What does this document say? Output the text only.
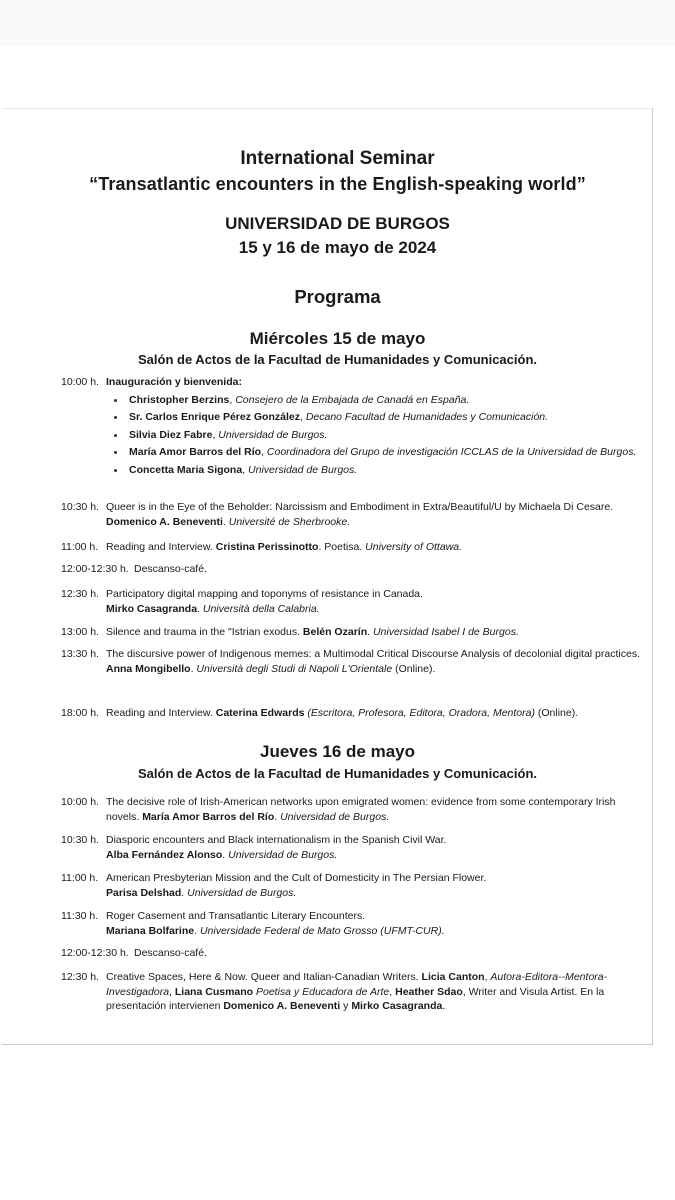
International Seminar
“Transatlantic encounters in the English-speaking world”
UNIVERSIDAD DE BURGOS
15 y 16 de mayo de 2024
Programa
Miércoles 15 de mayo
Salón de Actos de la Facultad de Humanidades y Comunicación.
10:00 h. Inauguración y bienvenida:
Christopher Berzins, Consejero de la Embajada de Canadá en España.
Sr. Carlos Enrique Pérez González, Decano Facultad de Humanidades y Comunicación.
Silvia Diez Fabre, Universidad de Burgos.
María Amor Barros del Río, Coordinadora del Grupo de investigación ICCLAS de la Universidad de Burgos.
Concetta Maria Sigona, Universidad de Burgos.
10:30 h. Queer is in the Eye of the Beholder: Narcissism and Embodiment in Extra/Beautiful/U by Michaela Di Cesare. Domenico A. Beneventi. Université de Sherbrooke.
11:00 h. Reading and Interview. Cristina Perissinotto. Poetisa. University of Ottawa.
12:00-12:30 h. Descanso-café.
12:30 h. Participatory digital mapping and toponyms of resistance in Canada.
Mirko Casagranda. Università della Calabria.
13:00 h. Silence and trauma in the "Istrian exodus. Belén Ozarín. Universidad Isabel I de Burgos.
13:30 h. The discursive power of Indigenous memes: a Multimodal Critical Discourse Analysis of decolonial digital practices. Anna Mongibello. Università degli Studi di Napoli L'Orientale (Online).
18:00 h. Reading and Interview. Caterina Edwards (Escritora, Profesora, Editora, Oradora, Mentora) (Online).
Jueves 16 de mayo
Salón de Actos de la Facultad de Humanidades y Comunicación.
10:00 h. The decisive role of Irish-American networks upon emigrated women: evidence from some contemporary Irish novels. María Amor Barros del Río. Universidad de Burgos.
10:30 h. Diasporic encounters and Black internationalism in the Spanish Civil War.
Alba Fernández Alonso. Universidad de Burgos.
11:00 h. American Presbyterian Mission and the Cult of Domesticity in The Persian Flower.
Parisa Delshad. Universidad de Burgos.
11:30 h. Roger Casement and Transatlantic Literary Encounters.
Mariana Bolfarine. Universidade Federal de Mato Grosso (UFMT-CUR).
12:00-12:30 h. Descanso-café.
12:30 h. Creative Spaces, Here & Now. Queer and Italian-Canadian Writers. Licia Canton, Autora-Editora--Mentora-Investigadora, Liana Cusmano Poetisa y Educadora de Arte, Heather Sdao, Writer and Visula Artist. En la presentación intervienen Domenico A. Beneventi y Mirko Casagranda.
